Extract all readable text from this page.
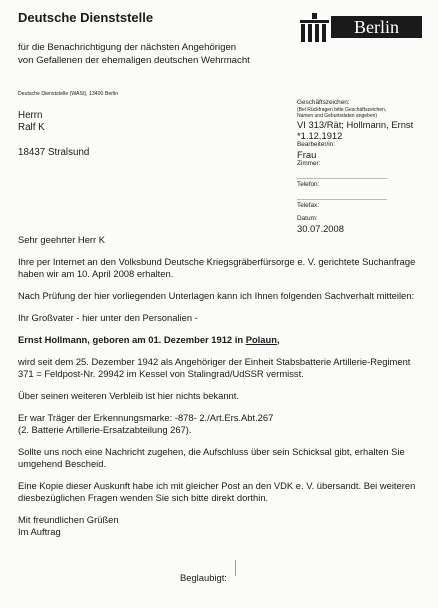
Deutsche Dienststelle
für die Benachrichtigung der nächsten Angehörigen
von Gefallenen der ehemaligen deutschen Wehrmacht
Berlin
Deutsche Dienststelle (WASt), 13400 Berlin
Herrn
Ralf K
18437 Stralsund
Geschäftszeichen:
(Bei Rückfragen bitte Geschäftszeichen,
Namen und Geburtsdaten angeben)
VI 313/Rät; Hollmann, Ernst
*1.12.1912
Bearbeiter/in:
Frau
Zimmer:
Telefon:
Telefax:
Datum:
30.07.2008

Sehr geehrter Herr K

Ihre per Internet an den Volksbund Deutsche Kriegsgräberfürsorge e. V. gerichtete Suchanfrage haben wir am 10. April 2008 erhalten.

Nach Prüfung der hier vorliegenden Unterlagen kann ich Ihnen folgenden Sachverhalt mitteilen:

Ihr Großvater - hier unter den Personalien -

Ernst Hollmann, geboren am 01. Dezember 1912 in Polaun,

wird seit dem 25. Dezember 1942 als Angehöriger der Einheit Stabsbatterie Artillerie-Regiment 371 = Feldpost-Nr. 29942 im Kessel von Stalingrad/UdSSR vermisst.

Über seinen weiteren Verbleib ist hier nichts bekannt.

Er war Träger der Erkennungsmarke: -878- 2./Art.Ers.Abt.267
(2. Batterie Artillerie-Ersatzabteilung 267).

Sollte uns noch eine Nachricht zugehen, die Aufschluss über sein Schicksal gibt, erhalten Sie umgehend Bescheid.

Eine Kopie dieser Auskunft habe ich mit gleicher Post an den VDK e. V. übersandt. Bei weiteren diesbezüglichen Fragen wenden Sie sich bitte direkt dorthin.

Mit freundlichen Grüßen
Im Auftrag
Beglaubigt:
